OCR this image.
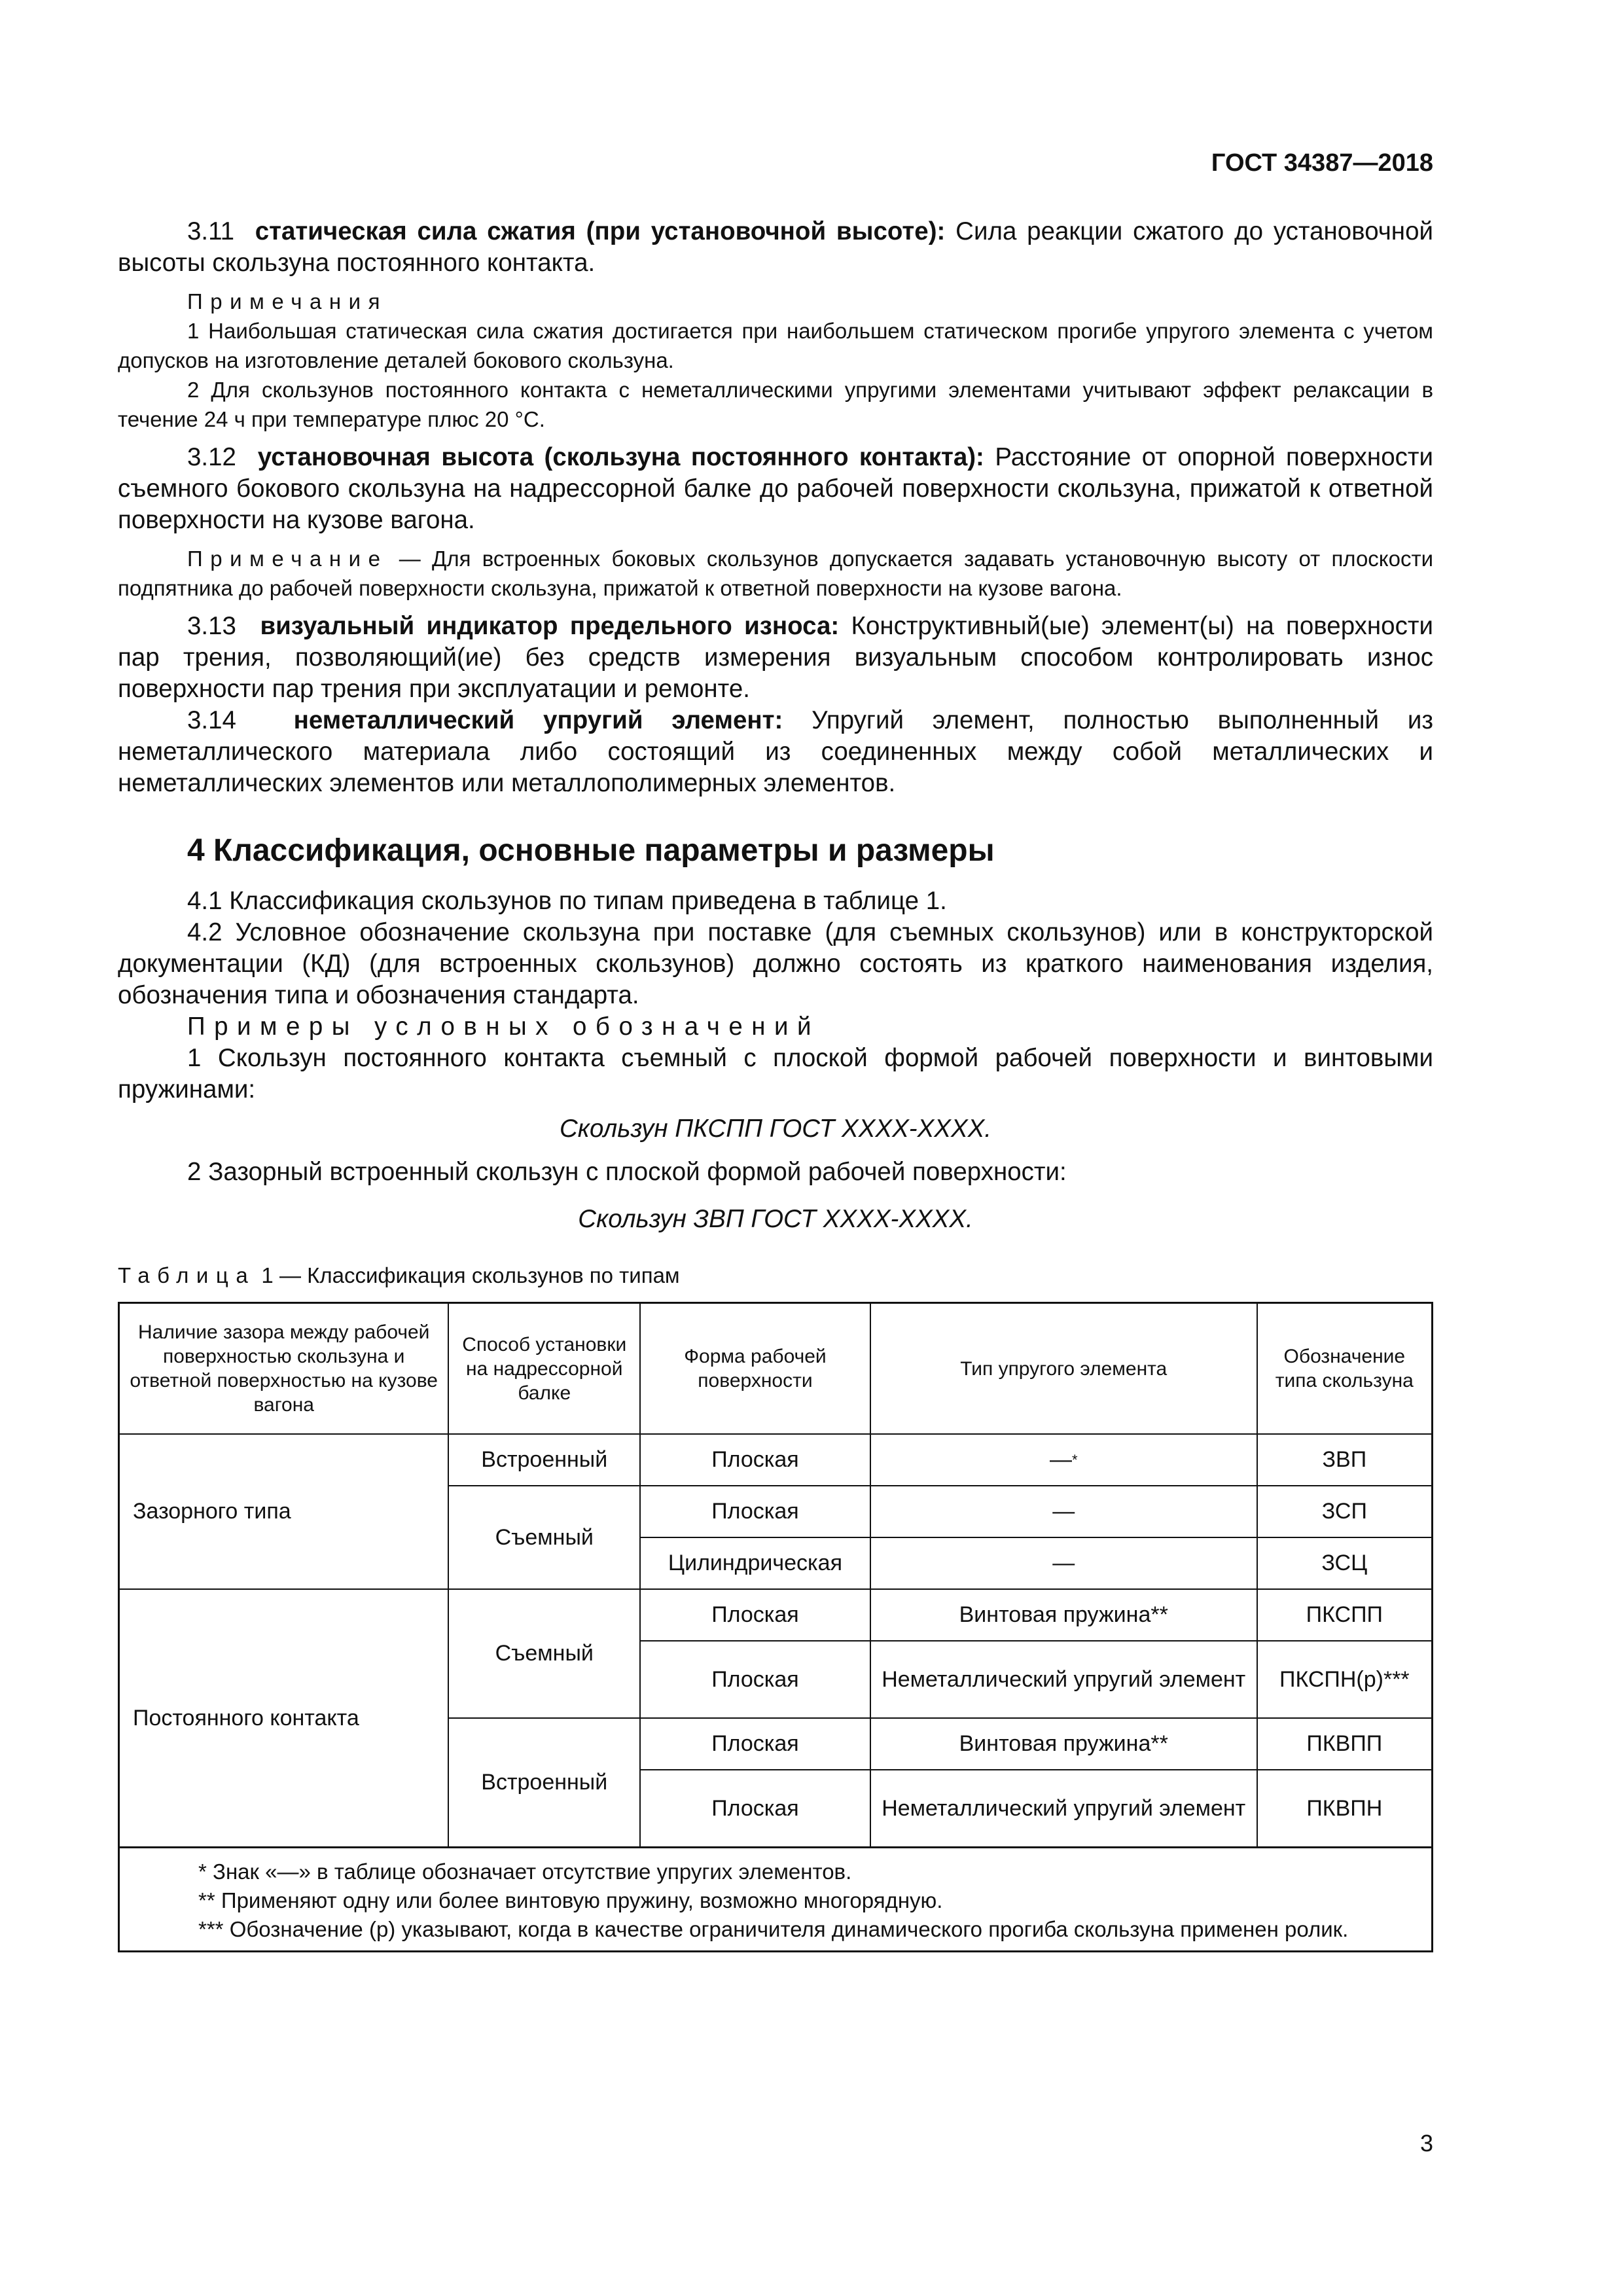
ГОСТ 34387—2018

3.11 статическая сила сжатия (при установочной высоте): Сила реакции сжатого до установочной высоты скользуна постоянного контакта.

Примечания

1 Наибольшая статическая сила сжатия достигается при наибольшем статическом прогибе упругого элемента с учетом допусков на изготовление деталей бокового скользуна.

2 Для скользунов постоянного контакта с неметаллическими упругими элементами учитывают эффект релаксации в течение 24 ч при температуре плюс 20 °С.

3.12 установочная высота (скользуна постоянного контакта): Расстояние от опорной поверхности съемного бокового скользуна на надрессорной балке до рабочей поверхности скользуна, прижатой к ответной поверхности на кузове вагона.

Примечание — Для встроенных боковых скользунов допускается задавать установочную высоту от плоскости подпятника до рабочей поверхности скользуна, прижатой к ответной поверхности на кузове вагона.

3.13 визуальный индикатор предельного износа: Конструктивный(ые) элемент(ы) на поверхности пар трения, позволяющий(ие) без средств измерения визуальным способом контролировать износ поверхности пар трения при эксплуатации и ремонте.

3.14 неметаллический упругий элемент: Упругий элемент, полностью выполненный из неметаллического материала либо состоящий из соединенных между собой металлических и неметаллических элементов или металлополимерных элементов.

4 Классификация, основные параметры и размеры

4.1 Классификация скользунов по типам приведена в таблице 1.

4.2 Условное обозначение скользуна при поставке (для съемных скользунов) или в конструкторской документации (КД) (для встроенных скользунов) должно состоять из краткого наименования изделия, обозначения типа и обозначения стандарта.

Примеры условных обозначений

1 Скользун постоянного контакта съемный с плоской формой рабочей поверхности и винтовыми пружинами:

Скользун ПКСПП ГОСТ ХХХХ-ХХХХ.

2 Зазорный встроенный скользун с плоской формой рабочей поверхности:

Скользун ЗВП ГОСТ ХХХХ-ХХХХ.

Таблица 1 — Классификация скользунов по типам

Наличие зазора между рабочей поверхностью скользуна и ответной поверхностью на кузове вагона	Способ установки на надрессорной балке	Форма рабочей поверхности	Тип упругого элемента	Обозначение типа скользуна
Зазорного типа	Встроенный	Плоская	—*	ЗВП
	Съемный	Плоская	—	ЗСП
		Цилиндрическая	—	ЗСЦ
Постоянного контакта	Съемный	Плоская	Винтовая пружина**	ПКСПП
		Плоская	Неметаллический упругий элемент	ПКСПН(р)***
	Встроенный	Плоская	Винтовая пружина**	ПКВПП
		Плоская	Неметаллический упругий элемент	ПКВПН

* Знак «—» в таблице обозначает отсутствие упругих элементов.

** Применяют одну или более винтовую пружину, возможно многорядную.

*** Обозначение (р) указывают, когда в качестве ограничителя динамического прогиба скользуна применен ролик.				

3
